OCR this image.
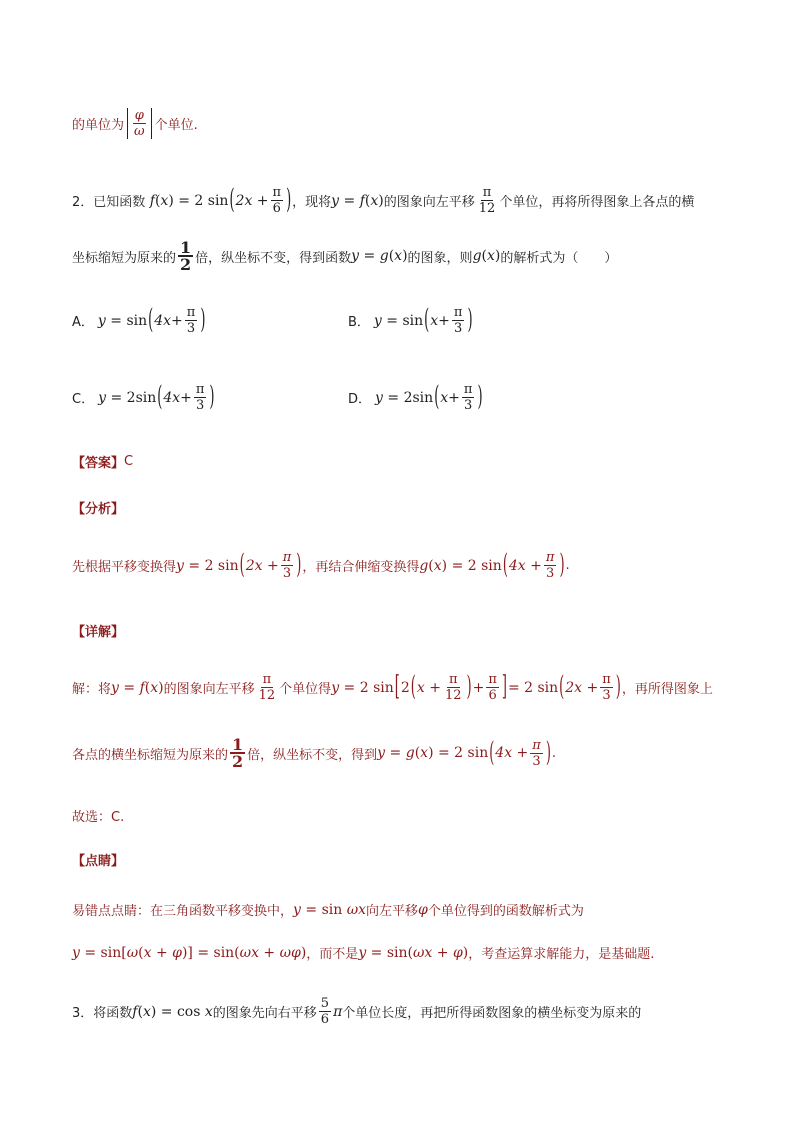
的单位为 $\frac{\varphi}{\omega}$ 个单位.
2． 已知函数 f(x) = 2 sin ( $2x + \frac{\pi}{6}$ ) ，现将 y = f(x) 的图象向左平移 $\frac{\pi}{12}$ 个单位，再将所得图象上各点的横
坐标缩短为原来的 $\frac{1}{2}$ 倍，纵坐标不变，得到函数 y = g(x) 的图象，则 g(x) 的解析式为（　　）
A． y = sin ( $4x + \frac{\pi}{3}$ )	B． y = sin ( $x + \frac{\pi}{3}$ )
C． y = 2sin ( $4x + \frac{\pi}{3}$ )	D． y = 2sin ( $x + \frac{\pi}{3}$ )
【答案】 C
【分析】
先根据平移变换得 y = 2 sin ( $2x + \frac{\pi}{3}$ ) ，再结合伸缩变换得 g(x) = 2 sin ( $4x + \frac{\pi}{3}$ ) .
【详解】
解：将 y = f(x) 的图象向左平移 $\frac{\pi}{12}$ 个单位得 y = 2 sin [ 2 ( $x + \frac{\pi}{12}$ ) + $\frac{\pi}{6}$ ] = 2 sin ( $2x + \frac{\pi}{3}$ ) ，再所得图象上
各点的横坐标缩短为原来的 $\frac{1}{2}$ 倍，纵坐标不变，得到 y = g(x) = 2 sin ( $4x + \frac{\pi}{3}$ ) .
故选：C.
【点睛】
易错点点睛：在三角函数平移变换中， y = sin ωx 向左平移 φ 个单位得到的函数解析式为
y = sin[ω(x + φ)] = sin(ωx + ωφ) ，而不是 y = sin(ωx + φ) ，考查运算求解能力，是基础题.
3． 将函数 f(x) = cos x 的图象先向右平移 $\frac{5}{6}$ π 个单位长度，再把所得函数图象的横坐标变为原来的
